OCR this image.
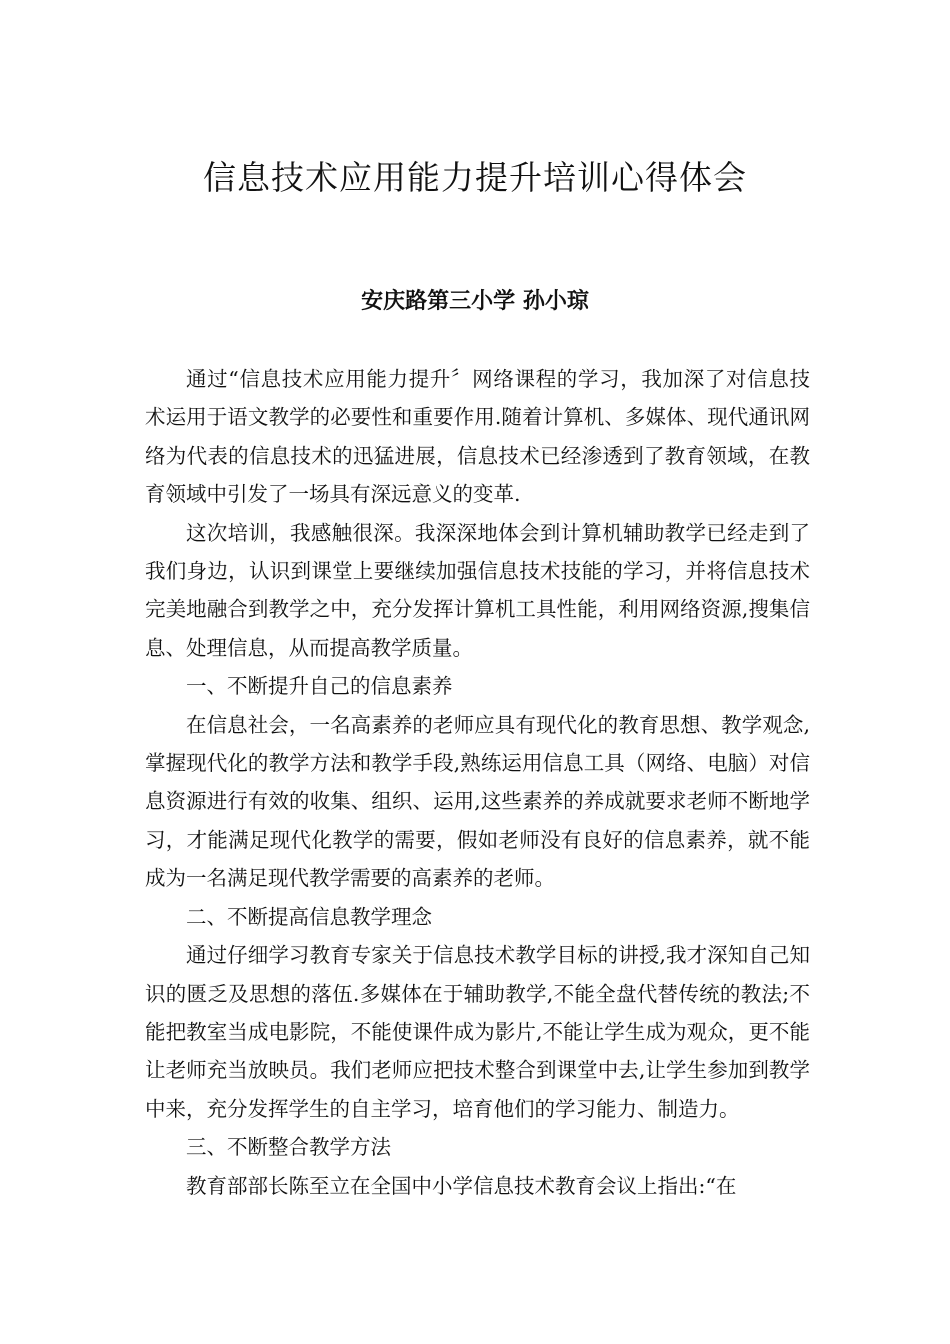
信息技术应用能力提升培训心得体会
安庆路第三小学 孙小琼

通过“信息技术应用能力提升〞网络课程的学习，我加深了对信息技术运用于语文教学的必要性和重要作用.随着计算机、多媒体、现代通讯网络为代表的信息技术的迅猛进展，信息技术已经渗透到了教育领域，在教育领域中引发了一场具有深远意义的变革.

这次培训，我感触很深。我深深地体会到计算机辅助教学已经走到了我们身边，认识到课堂上要继续加强信息技术技能的学习，并将信息技术完美地融合到教学之中，充分发挥计算机工具性能，利用网络资源,搜集信息、处理信息，从而提高教学质量。

一、不断提升自己的信息素养

在信息社会，一名高素养的老师应具有现代化的教育思想、教学观念,掌握现代化的教学方法和教学手段,熟练运用信息工具（网络、电脑）对信息资源进行有效的收集、组织、运用,这些素养的养成就要求老师不断地学习，才能满足现代化教学的需要，假如老师没有良好的信息素养，就不能成为一名满足现代教学需要的高素养的老师。

二、不断提高信息教学理念

通过仔细学习教育专家关于信息技术教学目标的讲授,我才深知自己知识的匮乏及思想的落伍.多媒体在于辅助教学,不能全盘代替传统的教法;不能把教室当成电影院，不能使课件成为影片,不能让学生成为观众，更不能让老师充当放映员。我们老师应把技术整合到课堂中去,让学生参加到教学中来，充分发挥学生的自主学习，培育他们的学习能力、制造力。

三、不断整合教学方法

教育部部长陈至立在全国中小学信息技术教育会议上指出:“在
